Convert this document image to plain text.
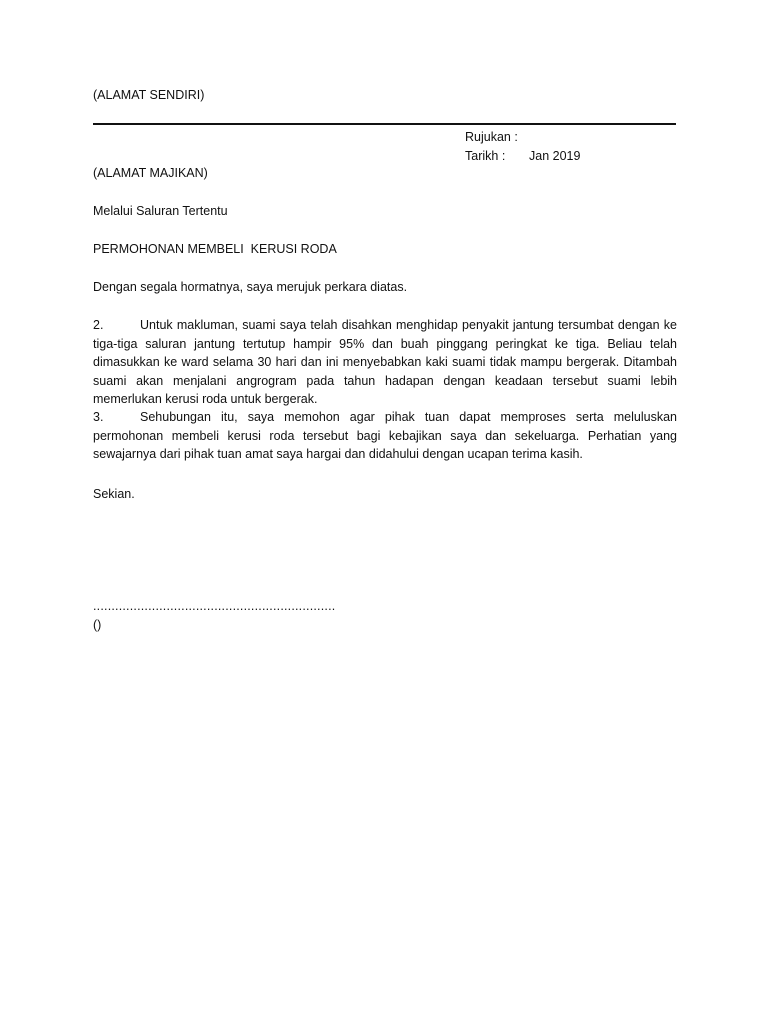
(ALAMAT SENDIRI)
Rujukan :
Tarikh :	Jan 2019
(ALAMAT MAJIKAN)
Melalui Saluran Tertentu
PERMOHONAN MEMBELI  KERUSI RODA
Dengan segala hormatnya, saya merujuk perkara diatas.
2.	Untuk makluman, suami saya telah disahkan menghidap penyakit jantung tersumbat dengan ke tiga-tiga saluran jantung tertutup hampir 95% dan buah pinggang peringkat ke tiga. Beliau telah dimasukkan ke ward selama 30 hari dan ini menyebabkan kaki suami tidak mampu bergerak. Ditambah suami akan menjalani angrogram pada tahun hadapan dengan keadaan tersebut suami lebih memerlukan kerusi roda untuk bergerak.
3.	Sehubungan itu, saya memohon agar pihak tuan dapat memproses serta meluluskan permohonan membeli kerusi roda tersebut bagi kebajikan saya dan sekeluarga. Perhatian yang sewajarnya dari pihak tuan amat saya hargai dan didahului dengan ucapan terima kasih.
Sekian.
..................................................................
()
